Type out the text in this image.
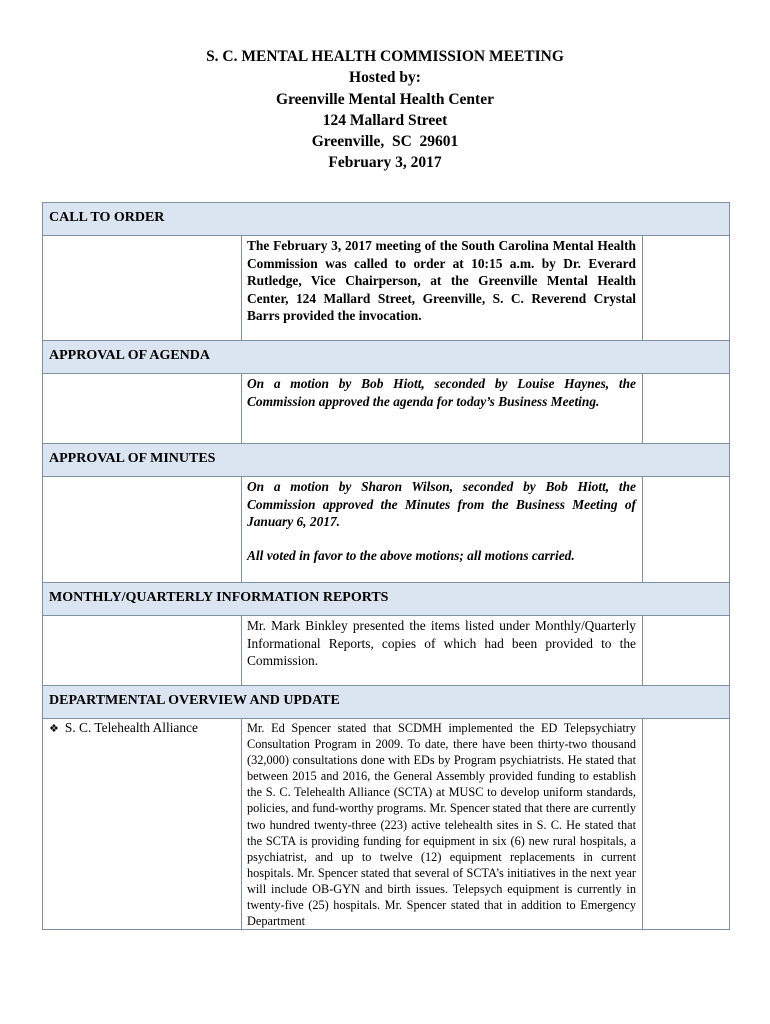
S. C. MENTAL HEALTH COMMISSION MEETING
Hosted by:
Greenville Mental Health Center
124 Mallard Street
Greenville,  SC  29601
February 3, 2017
CALL TO ORDER		

	The February 3, 2017 meeting of the South Carolina Mental Health Commission was called to order at 10:15 a.m. by Dr. Everard Rutledge, Vice Chairperson, at the Greenville Mental Health Center, 124 Mallard Street, Greenville, S. C. Reverend Crystal Barrs provided the invocation.	

APPROVAL OF AGENDA		

	On a motion by Bob Hiott, seconded by Louise Haynes, the Commission approved the agenda for today’s Business Meeting.	

APPROVAL OF MINUTES		

	On a motion by Sharon Wilson, seconded by Bob Hiott, the Commission approved the Minutes from the Business Meeting of January 6, 2017.
All voted in favor to the above motions; all motions carried.	

MONTHLY/QUARTERLY INFORMATION REPORTS		

	Mr. Mark Binkley presented the items listed under Monthly/Quarterly Informational Reports, copies of which had been provided to the Commission.	

DEPARTMENTAL OVERVIEW AND UPDATE		

❖ S. C. Telehealth Alliance	Mr. Ed Spencer stated that SCDMH implemented the ED Telepsychiatry Consultation Program in 2009. To date, there have been thirty-two thousand (32,000) consultations done with EDs by Program psychiatrists. He stated that between 2015 and 2016, the General Assembly provided funding to establish the S. C. Telehealth Alliance (SCTA) at MUSC to develop uniform standards, policies, and fund-worthy programs. Mr. Spencer stated that there are currently two hundred twenty-three (223) active telehealth sites in S. C. He stated that the SCTA is providing funding for equipment in six (6) new rural hospitals, a psychiatrist, and up to twelve (12) equipment replacements in current hospitals. Mr. Spencer stated that several of SCTA’s initiatives in the next year will include OB-GYN and birth issues. Telepsych equipment is currently in twenty-five (25) hospitals. Mr. Spencer stated that in addition to Emergency Department	
